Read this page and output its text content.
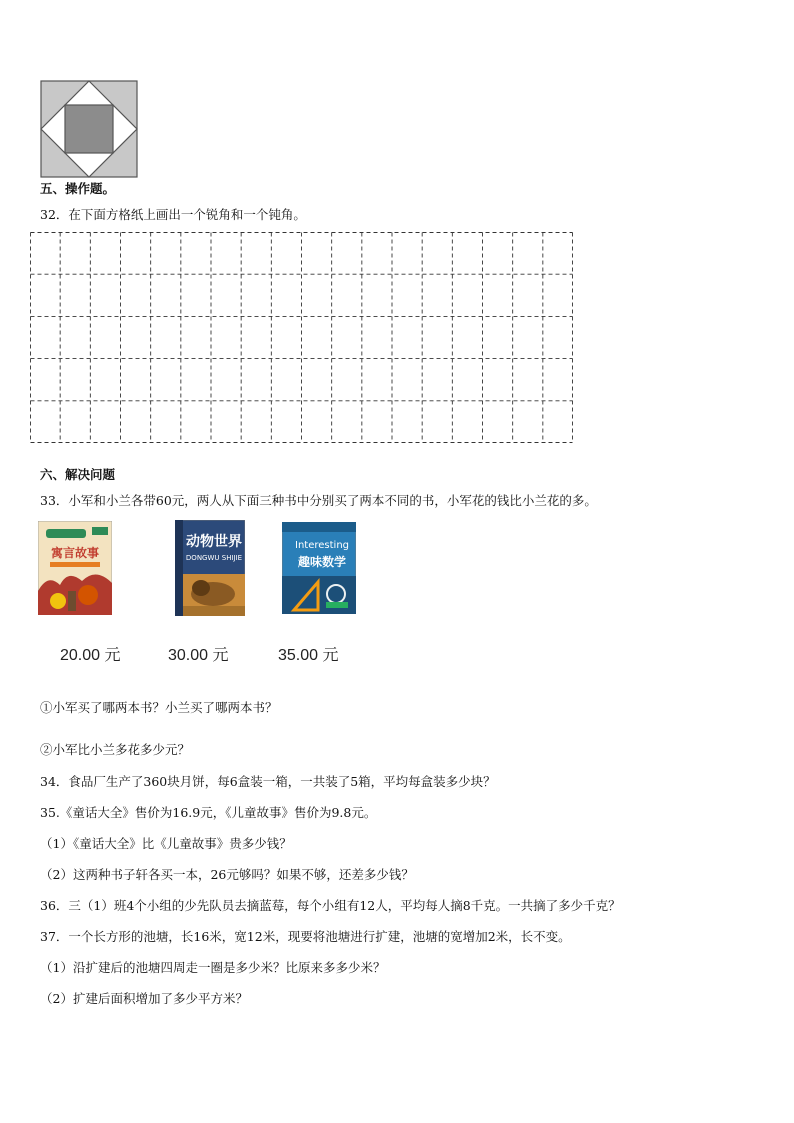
五、操作题。
32．在下面方格纸上画出一个锐角和一个钝角。
六、解决问题
33．小军和小兰各带60元，两人从下面三种书中分别买了两本不同的书，小军花的钱比小兰花的多。
寓言故事
动物世界
DONGWU SHIJIE
Interesting
趣味数学
20.00 元	30.00 元	35.00 元
①小军买了哪两本书？小兰买了哪两本书？
②小军比小兰多花多少元？
34．食品厂生产了360块月饼，每6盒装一箱，一共装了5箱，平均每盒装多少块？
35.《童话大全》售价为16.9元，《儿童故事》售价为9.8元。
（1）《童话大全》比《儿童故事》贵多少钱？
（2）这两种书子轩各买一本，26元够吗？如果不够，还差多少钱？
36．三（1）班4个小组的少先队员去摘蓝莓，每个小组有12人，平均每人摘8千克。一共摘了多少千克？
37．一个长方形的池塘，长16米，宽12米，现要将池塘进行扩建，池塘的宽增加2米，长不变。
（1）沿扩建后的池塘四周走一圈是多少米？比原来多多少米？
（2）扩建后面积增加了多少平方米？
